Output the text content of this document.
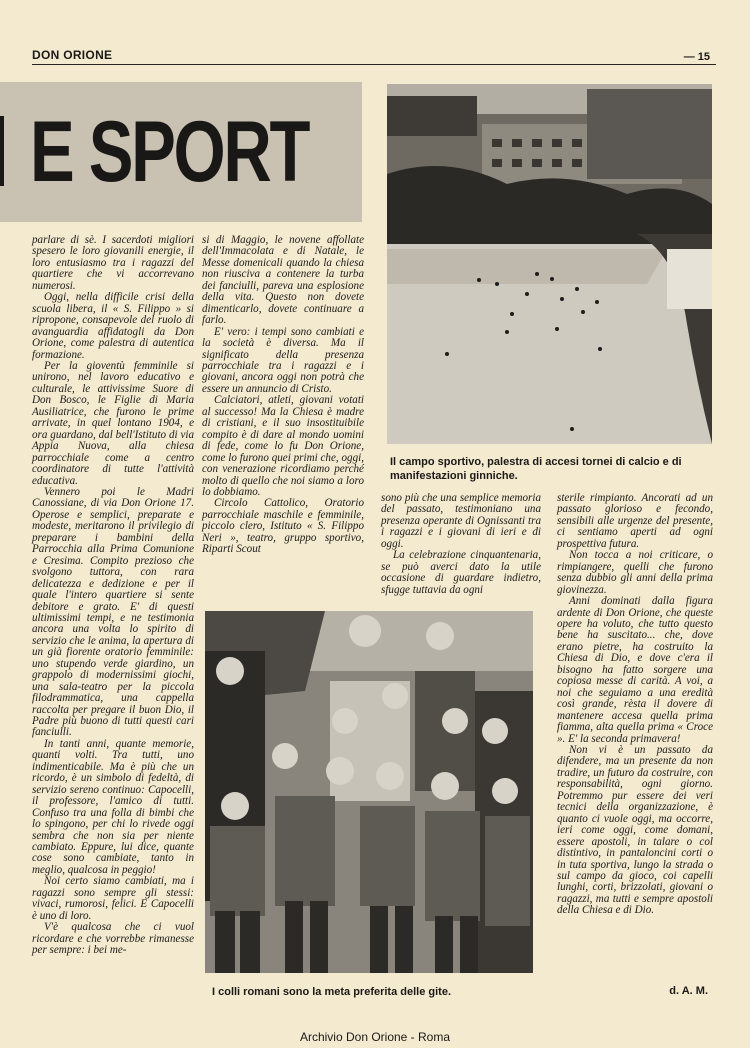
DON ORIONE	— 15
E SPORT
Il campo sportivo, palestra di accesi tornei di calcio e di manifestazioni ginniche.

parlare di sè. I sacerdoti migliori spesero le loro giovanili energie, il loro entusiasmo tra i ragazzi del quartiere che vi accorrevano numerosi.

Oggi, nella difficile crisi della scuola libera, il « S. Filippo » si ripropone, consapevole del ruolo di avanguardia affidatogli da Don Orione, come palestra di autentica formazione.

Per la gioventù femminile si unirono, nel lavoro educativo e culturale, le attivissime Suore di Don Bosco, le Figlie di Maria Ausiliatrice, che furono le prime arrivate, in quel lontano 1904, e ora guardano, dal bell'Istituto di via Appia Nuova, alla chiesa parrocchiale come a centro coordinatore di tutte l'attività educativa.

Vennero poi le Madri Canossiane, di via Don Orione 17. Operose e semplici, preparate e modeste, meritarono il privilegio di preparare i bambini della Parrocchia alla Prima Comunione e Cresima. Compito prezioso che svolgono tuttora, con rara delicatezza e dedizione e per il quale l'intero quartiere si sente debitore e grato. E' di questi ultimissimi tempi, e ne testimonia ancora una volta lo spirito di servizio che le anima, la apertura di un già fiorente oratorio femminile: uno stupendo verde giardino, un grappolo di modernissimi giochi, una sala-teatro per la piccola filodrammatica, una cappella raccolta per pregare il buon Dio, il Padre più buono di tutti questi cari fanciulli.

In tanti anni, quante memorie, quanti volti. Tra tutti, uno indimenticabile. Ma è più che un ricordo, è un simbolo di fedeltà, di servizio sereno continuo: Capocelli, il professore, l'amico di tutti. Confuso tra una folla di bimbi che lo spingono, per chi lo rivede oggi sembra che non sia per niente cambiato. Eppure, lui dice, quante cose sono cambiate, tanto in meglio, qualcosa in peggio!

Noi certo siamo cambiati, ma i ragazzi sono sempre gli stessi: vivaci, rumorosi, felici. E Capocelli è uno di loro.

V'è qualcosa che ci vuol ricordare e che vorrebbe rimanesse per sempre: i bei me-

si di Maggio, le novene affollate dell'Immacolata e di Natale, le Messe domenicali quando la chiesa non riusciva a contenere la turba dei fanciulli, pareva una esplosione della vita. Questo non dovete dimenticarlo, dovete continuare a farlo.

E' vero: i tempi sono cambiati e la società è diversa. Ma il significato della presenza parrocchiale tra i ragazzi e i giovani, ancora oggi non potrà che essere un annuncio di Cristo.

Calciatori, atleti, giovani votati al successo! Ma la Chiesa è madre di cristiani, e il suo insostituibile compito è di dare al mondo uomini di fede, come lo fu Don Orione, come lo furono quei primi che, oggi, con venerazione ricordiamo perché molto di quello che noi siamo a loro lo dobbiamo.

Circolo Cattolico, Oratorio parrocchiale maschile e femminile, piccolo clero, Istituto « S. Filippo Neri », teatro, gruppo sportivo, Riparti Scout

sono più che una semplice memoria del passato, testimoniano una presenza operante di Ognissanti tra i ragazzi e i giovani di ieri e di oggi.

La celebrazione cinquantenaria, se può averci dato la utile occasione di guardare indietro, sfugge tuttavia da ogni

sterile rimpianto. Ancorati ad un passato glorioso e fecondo, sensibili alle urgenze del presente, ci sentiamo aperti ad ogni prospettiva futura.

Non tocca a noi criticare, o rimpiangere, quelli che furono senza dubbio gli anni della prima giovinezza.

Anni dominati dalla figura ardente di Don Orione, che queste opere ha voluto, che tutto questo bene ha suscitato... che, dove erano pietre, ha costruito la Chiesa di Dio, e dove c'era il bisogno ha fatto sorgere una copiosa messe di carità. A voi, a noi che seguiamo a una eredità così grande, rèsta il dovere di mantenere accesa quella prima fiamma, alta quella prima « Croce ». E' la seconda primavera!

Non vi è un passato da difendere, ma un presente da non tradire, un futuro da costruire, con responsabilità, ogni giorno. Potremmo pur essere dei veri tecnici della organizzazione, è quanto ci vuole oggi, ma occorre, ieri come oggi, come domani, essere apostoli, in talare o col distintivo, in pantaloncini corti o in tuta sportiva, lungo la strada o sul campo da gioco, coi capelli lunghi, corti, brizzolati, giovani o ragazzi, ma tutti e sempre apostoli della Chiesa e di Dio.

I colli romani sono la meta preferita delle gite.	d. A. M.
Archivio Don Orione - Roma
